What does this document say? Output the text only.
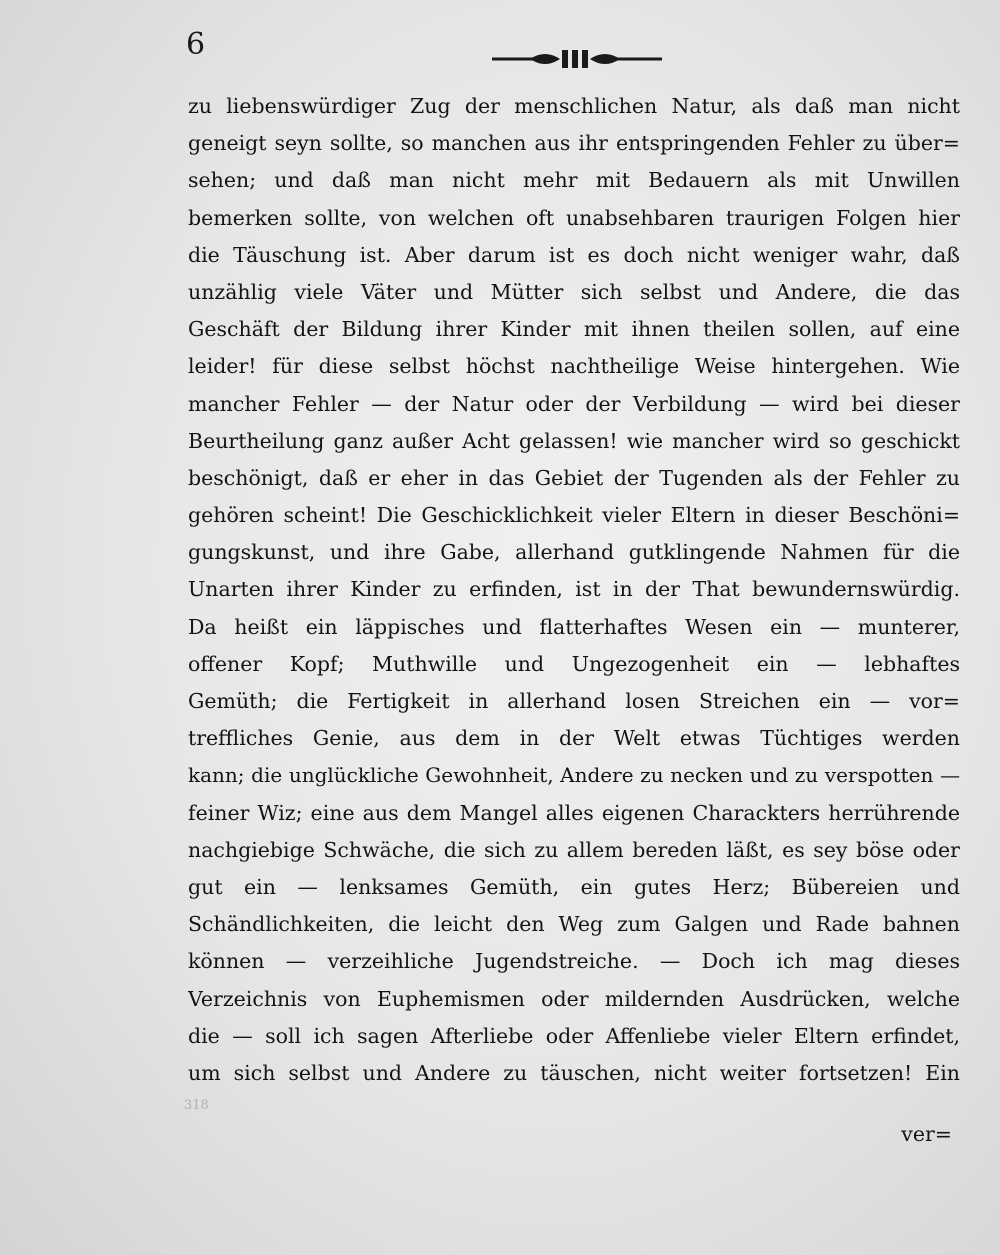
6
zu liebenswürdiger Zug der menschlichen Natur, als daß man nicht
geneigt seyn sollte, so manchen aus ihr entspringenden Fehler zu über=
sehen; und daß man nicht mehr mit Bedauern als mit Unwillen
bemerken sollte, von welchen oft unabsehbaren traurigen Folgen hier
die Täuschung ist. Aber darum ist es doch nicht weniger wahr, daß
unzählig viele Väter und Mütter sich selbst und Andere, die das
Geschäft der Bildung ihrer Kinder mit ihnen theilen sollen, auf eine
leider! für diese selbst höchst nachtheilige Weise hintergehen. Wie
mancher Fehler — der Natur oder der Verbildung — wird bei dieser
Beurtheilung ganz außer Acht gelassen! wie mancher wird so geschickt
beschönigt, daß er eher in das Gebiet der Tugenden als der Fehler zu
gehören scheint! Die Geschicklichkeit vieler Eltern in dieser Beschöni=
gungskunst, und ihre Gabe, allerhand gutklingende Nahmen für die
Unarten ihrer Kinder zu erfinden, ist in der That bewundernswürdig.
Da heißt ein läppisches und flatterhaftes Wesen ein — munterer,
offener Kopf; Muthwille und Ungezogenheit ein — lebhaftes
Gemüth; die Fertigkeit in allerhand losen Streichen ein — vor=
treffliches Genie, aus dem in der Welt etwas Tüchtiges werden
kann; die unglückliche Gewohnheit, Andere zu necken und zu verspotten —
feiner Wiz; eine aus dem Mangel alles eigenen Charackters herrührende
nachgiebige Schwäche, die sich zu allem bereden läßt, es sey böse oder
gut ein — lenksames Gemüth, ein gutes Herz; Bübereien und
Schändlichkeiten, die leicht den Weg zum Galgen und Rade bahnen
können — verzeihliche Jugendstreiche. — Doch ich mag dieses
Verzeichnis von Euphemismen oder mildernden Ausdrücken, welche
die — soll ich sagen Afterliebe oder Affenliebe vieler Eltern erfindet,
um sich selbst und Andere zu täuschen, nicht weiter fortsetzen! Ein
318
ver=
